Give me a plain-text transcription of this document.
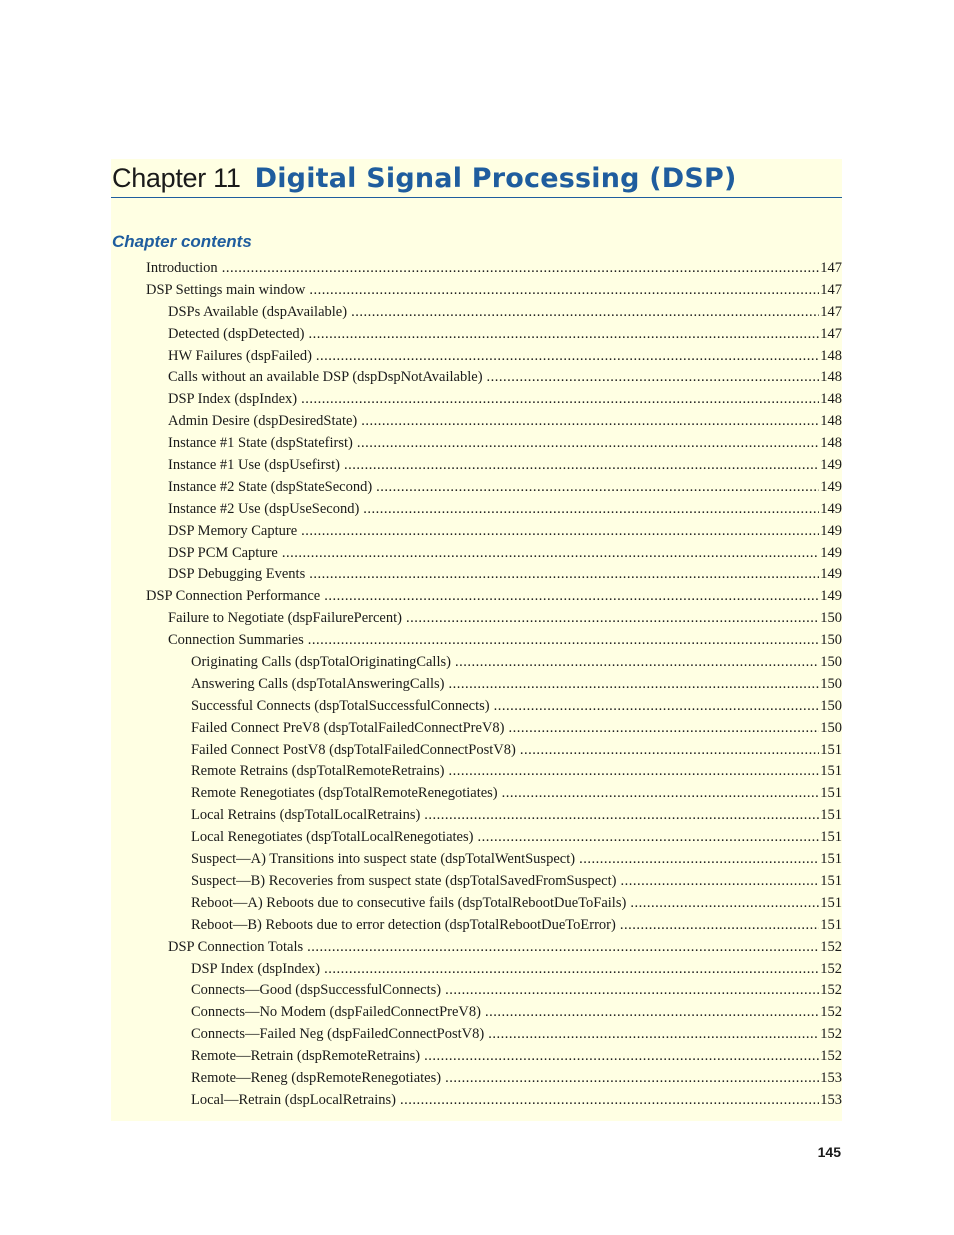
Chapter 11 Digital Signal Processing (DSP)
Chapter contents
Introduction .....	147
DSP Settings main window .....	147
DSPs Available (dspAvailable) .....	147
Detected (dspDetected) .....	147
HW Failures (dspFailed) .....	148
Calls without an available DSP (dspDspNotAvailable) .....	148
DSP Index (dspIndex) .....	148
Admin Desire (dspDesiredState) .....	148
Instance #1 State (dspStatefirst) .....	148
Instance #1 Use (dspUsefirst) .....	149
Instance #2 State (dspStateSecond) .....	149
Instance #2 Use (dspUseSecond) .....	149
DSP Memory Capture .....	149
DSP PCM Capture .....	149
DSP Debugging Events .....	149
DSP Connection Performance .....	149
Failure to Negotiate (dspFailurePercent) .....	150
Connection Summaries .....	150
Originating Calls (dspTotalOriginatingCalls) .....	150
Answering Calls (dspTotalAnsweringCalls) .....	150
Successful Connects (dspTotalSuccessfulConnects) .....	150
Failed Connect PreV8 (dspTotalFailedConnectPreV8) .....	150
Failed Connect PostV8 (dspTotalFailedConnectPostV8) .....	151
Remote Retrains (dspTotalRemoteRetrains) .....	151
Remote Renegotiates (dspTotalRemoteRenegotiates) .....	151
Local Retrains (dspTotalLocalRetrains) .....	151
Local Renegotiates (dspTotalLocalRenegotiates) .....	151
Suspect—A) Transitions into suspect state (dspTotalWentSuspect) .....	151
Suspect—B) Recoveries from suspect state (dspTotalSavedFromSuspect) .....	151
Reboot—A) Reboots due to consecutive fails (dspTotalRebootDueToFails) .....	151
Reboot—B) Reboots due to error detection (dspTotalRebootDueToError) .....	151
DSP Connection Totals .....	152
DSP Index (dspIndex) .....	152
Connects—Good (dspSuccessfulConnects) .....	152
Connects—No Modem (dspFailedConnectPreV8) .....	152
Connects—Failed Neg (dspFailedConnectPostV8) .....	152
Remote—Retrain (dspRemoteRetrains) .....	152
Remote—Reneg (dspRemoteRenegotiates) .....	153
Local—Retrain (dspLocalRetrains) .....	153
145
